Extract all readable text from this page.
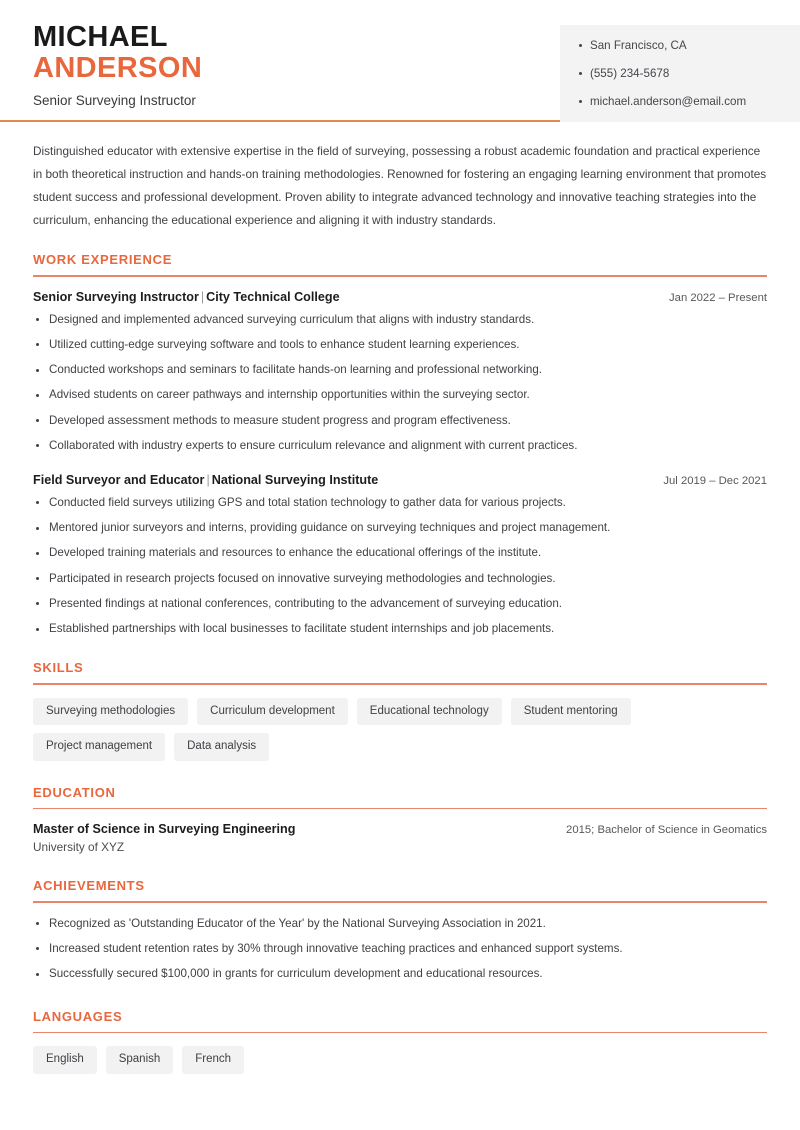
MICHAEL
ANDERSON
Senior Surveying Instructor
San Francisco, CA
(555) 234-5678
michael.anderson@email.com
Distinguished educator with extensive expertise in the field of surveying, possessing a robust academic foundation and practical experience in both theoretical instruction and hands-on training methodologies. Renowned for fostering an engaging learning environment that promotes student success and professional development. Proven ability to integrate advanced technology and innovative teaching strategies into the curriculum, enhancing the educational experience and aligning it with industry standards.
WORK EXPERIENCE
Senior Surveying Instructor | City Technical College	Jan 2022 – Present
Designed and implemented advanced surveying curriculum that aligns with industry standards.
Utilized cutting-edge surveying software and tools to enhance student learning experiences.
Conducted workshops and seminars to facilitate hands-on learning and professional networking.
Advised students on career pathways and internship opportunities within the surveying sector.
Developed assessment methods to measure student progress and program effectiveness.
Collaborated with industry experts to ensure curriculum relevance and alignment with current practices.
Field Surveyor and Educator | National Surveying Institute	Jul 2019 – Dec 2021
Conducted field surveys utilizing GPS and total station technology to gather data for various projects.
Mentored junior surveyors and interns, providing guidance on surveying techniques and project management.
Developed training materials and resources to enhance the educational offerings of the institute.
Participated in research projects focused on innovative surveying methodologies and technologies.
Presented findings at national conferences, contributing to the advancement of surveying education.
Established partnerships with local businesses to facilitate student internships and job placements.
SKILLS
Surveying methodologies	Curriculum development	Educational technology	Student mentoring
Project management	Data analysis
EDUCATION
Master of Science in Surveying Engineering	2015; Bachelor of Science in Geomatics
University of XYZ
ACHIEVEMENTS
Recognized as 'Outstanding Educator of the Year' by the National Surveying Association in 2021.
Increased student retention rates by 30% through innovative teaching practices and enhanced support systems.
Successfully secured $100,000 in grants for curriculum development and educational resources.
LANGUAGES
English	Spanish	French
